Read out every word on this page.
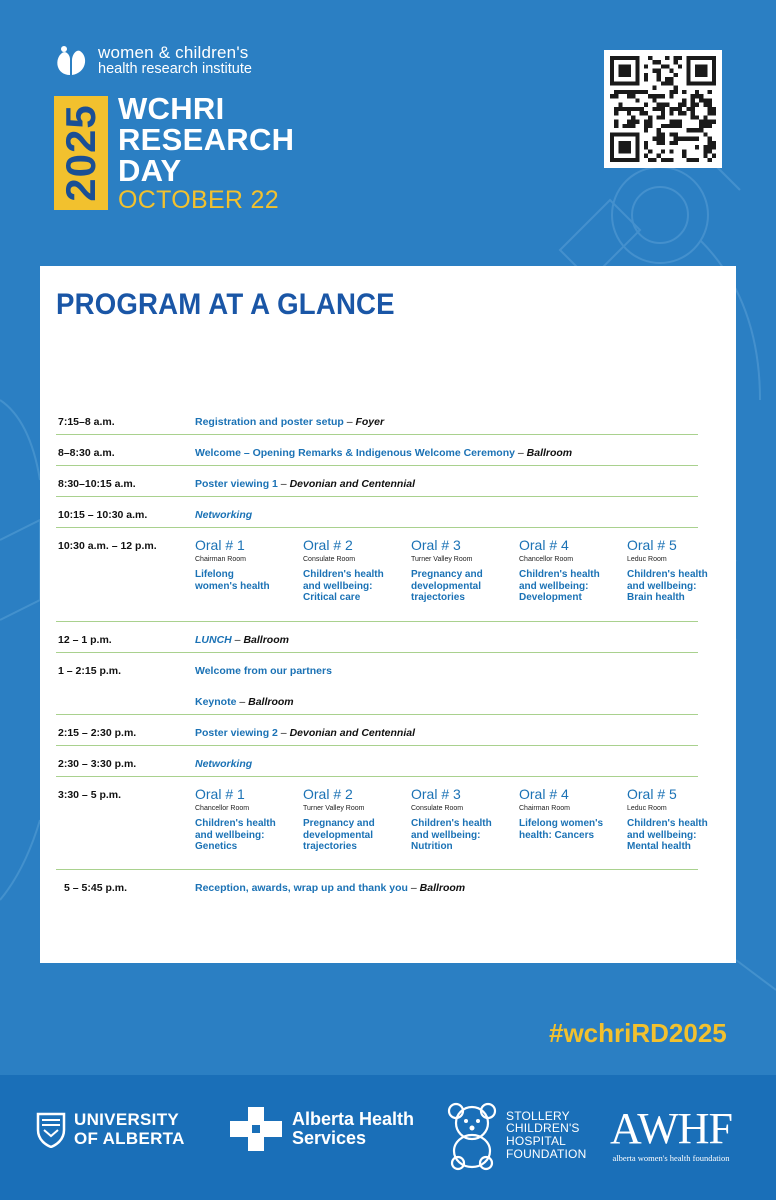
women & children's
health research institute
2025 WCHRI
RESEARCH
DAY
OCTOBER 22
PROGRAM AT A GLANCE
7:15–8 a.m.	Registration and poster setup – Foyer
8–8:30 a.m.	Welcome – Opening Remarks & Indigenous Welcome Ceremony – Ballroom
8:30–10:15 a.m.	Poster viewing 1 – Devonian and Centennial
10:15 – 10:30 a.m.	Networking
10:30 a.m. – 12 p.m.	Oral # 1
Chairman Room
Lifelong
women's health
Oral # 2
Consulate Room
Children's health
and wellbeing:
Critical care
Oral # 3
Turner Valley Room
Pregnancy and
developmental
trajectories
Oral # 4
Chancellor Room
Children's health
and wellbeing:
Development
Oral # 5
Leduc Room
Children's health
and wellbeing:
Brain health
12 – 1 p.m.	LUNCH – Ballroom
1 – 2:15 p.m.	Welcome from our partners
Keynote – Ballroom
2:15 – 2:30 p.m.	Poster viewing 2 – Devonian and Centennial
2:30 – 3:30 p.m.	Networking
3:30 – 5 p.m.	Oral # 1
Chancellor Room
Children's health
and wellbeing:
Genetics
Oral # 2
Turner Valley Room
Pregnancy and
developmental
trajectories
Oral # 3
Consulate Room
Children's health
and wellbeing:
Nutrition
Oral # 4
Chairman Room
Lifelong women's
health: Cancers
Oral # 5
Leduc Room
Children's health
and wellbeing:
Mental health
5 – 5:45 p.m.	Reception, awards, wrap up and thank you – Ballroom
#wchriRD2025
UNIVERSITY
OF ALBERTA
Alberta Health
Services
STOLLERY
CHILDREN'S
HOSPITAL
FOUNDATION
AWHF
alberta women's health foundation
